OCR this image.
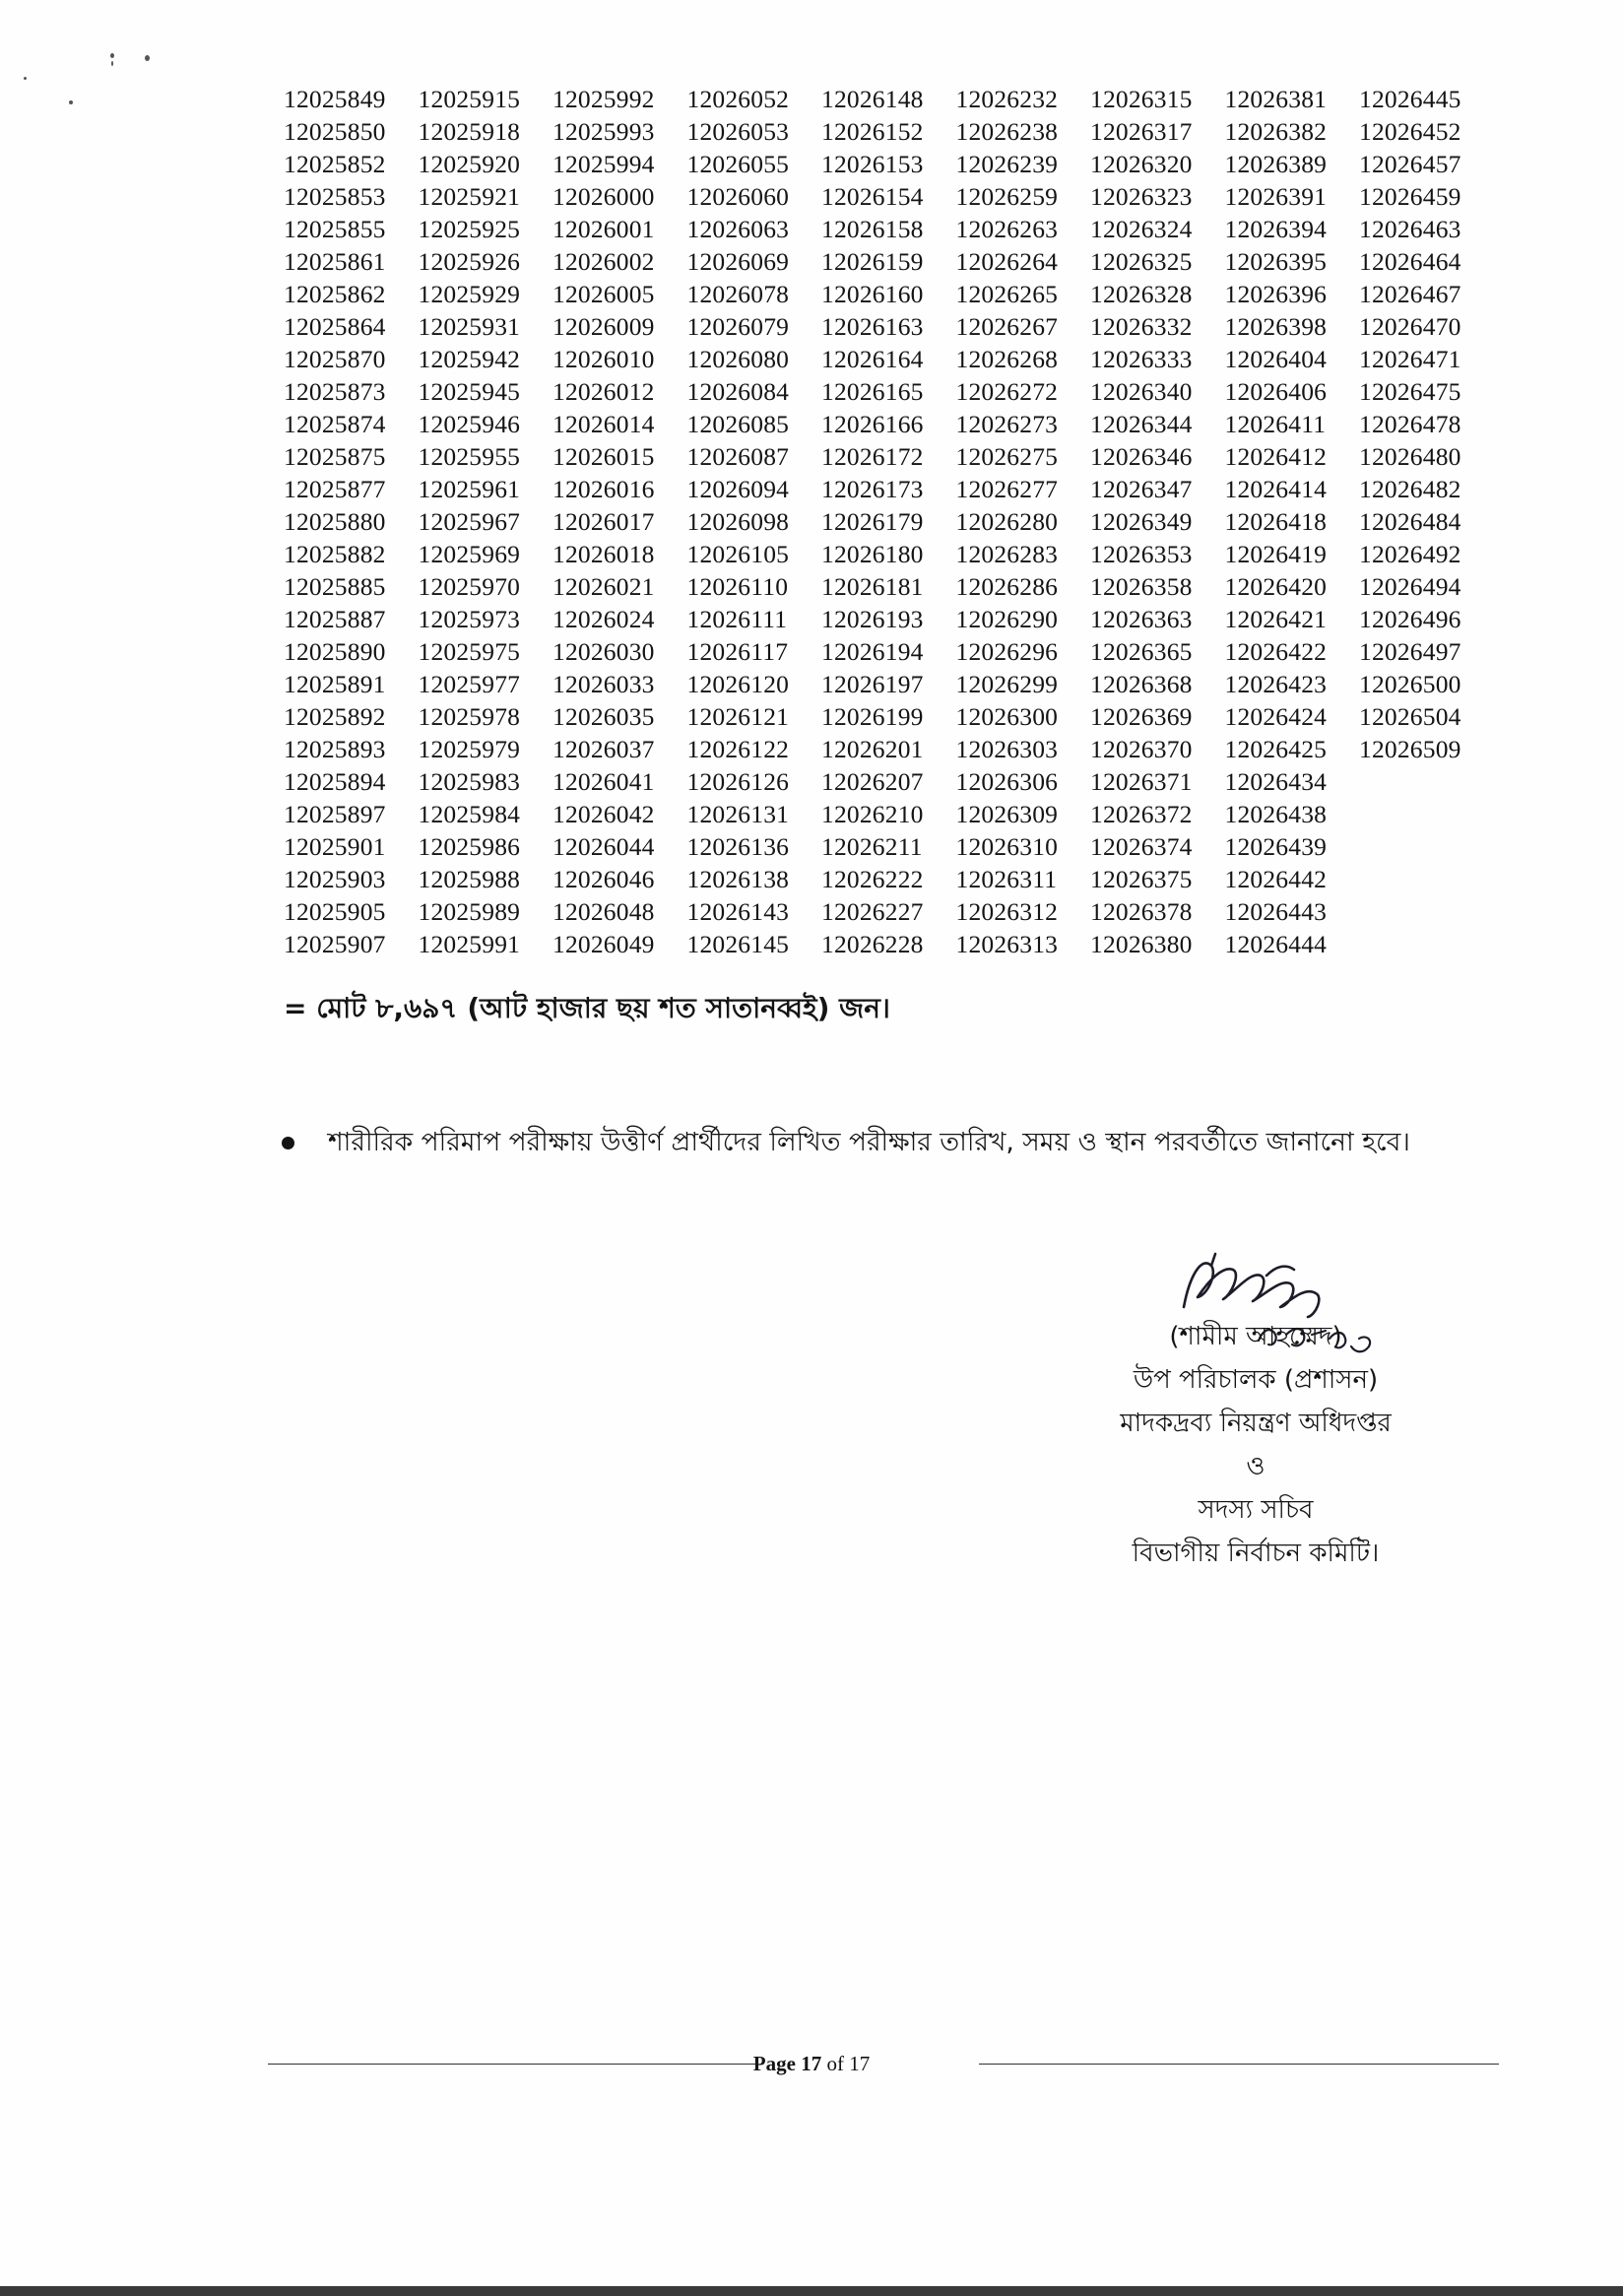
12025849
12025850
12025852
12025853
12025855
12025861
12025862
12025864
12025870
12025873
12025874
12025875
12025877
12025880
12025882
12025885
12025887
12025890
12025891
12025892
12025893
12025894
12025897
12025901
12025903
12025905
12025907
12025915
12025918
12025920
12025921
12025925
12025926
12025929
12025931
12025942
12025945
12025946
12025955
12025961
12025967
12025969
12025970
12025973
12025975
12025977
12025978
12025979
12025983
12025984
12025986
12025988
12025989
12025991
12025992
12025993
12025994
12026000
12026001
12026002
12026005
12026009
12026010
12026012
12026014
12026015
12026016
12026017
12026018
12026021
12026024
12026030
12026033
12026035
12026037
12026041
12026042
12026044
12026046
12026048
12026049
12026052
12026053
12026055
12026060
12026063
12026069
12026078
12026079
12026080
12026084
12026085
12026087
12026094
12026098
12026105
12026110
12026111
12026117
12026120
12026121
12026122
12026126
12026131
12026136
12026138
12026143
12026145
12026148
12026152
12026153
12026154
12026158
12026159
12026160
12026163
12026164
12026165
12026166
12026172
12026173
12026179
12026180
12026181
12026193
12026194
12026197
12026199
12026201
12026207
12026210
12026211
12026222
12026227
12026228
12026232
12026238
12026239
12026259
12026263
12026264
12026265
12026267
12026268
12026272
12026273
12026275
12026277
12026280
12026283
12026286
12026290
12026296
12026299
12026300
12026303
12026306
12026309
12026310
12026311
12026312
12026313
12026315
12026317
12026320
12026323
12026324
12026325
12026328
12026332
12026333
12026340
12026344
12026346
12026347
12026349
12026353
12026358
12026363
12026365
12026368
12026369
12026370
12026371
12026372
12026374
12026375
12026378
12026380
12026381
12026382
12026389
12026391
12026394
12026395
12026396
12026398
12026404
12026406
12026411
12026412
12026414
12026418
12026419
12026420
12026421
12026422
12026423
12026424
12026425
12026434
12026438
12026439
12026442
12026443
12026444
12026445
12026452
12026457
12026459
12026463
12026464
12026467
12026470
12026471
12026475
12026478
12026480
12026482
12026484
12026492
12026494
12026496
12026497
12026500
12026504
12026509
= মোট ৮,৬৯৭ (আট হাজার ছয় শত সাতানব্বই) জন।
শারীরিক পরিমাপ পরীক্ষায় উত্তীর্ণ প্রার্থীদের লিখিত পরীক্ষার তারিখ, সময় ও স্থান পরবর্তীতে জানানো হবে।
(শামীম আহম্মেদ)
উপ পরিচালক (প্রশাসন)
মাদকদ্রব্য নিয়ন্ত্রণ অধিদপ্তর
ও
সদস্য সচিব
বিভাগীয় নির্বাচন কমিটি।
Page 17 of 17
